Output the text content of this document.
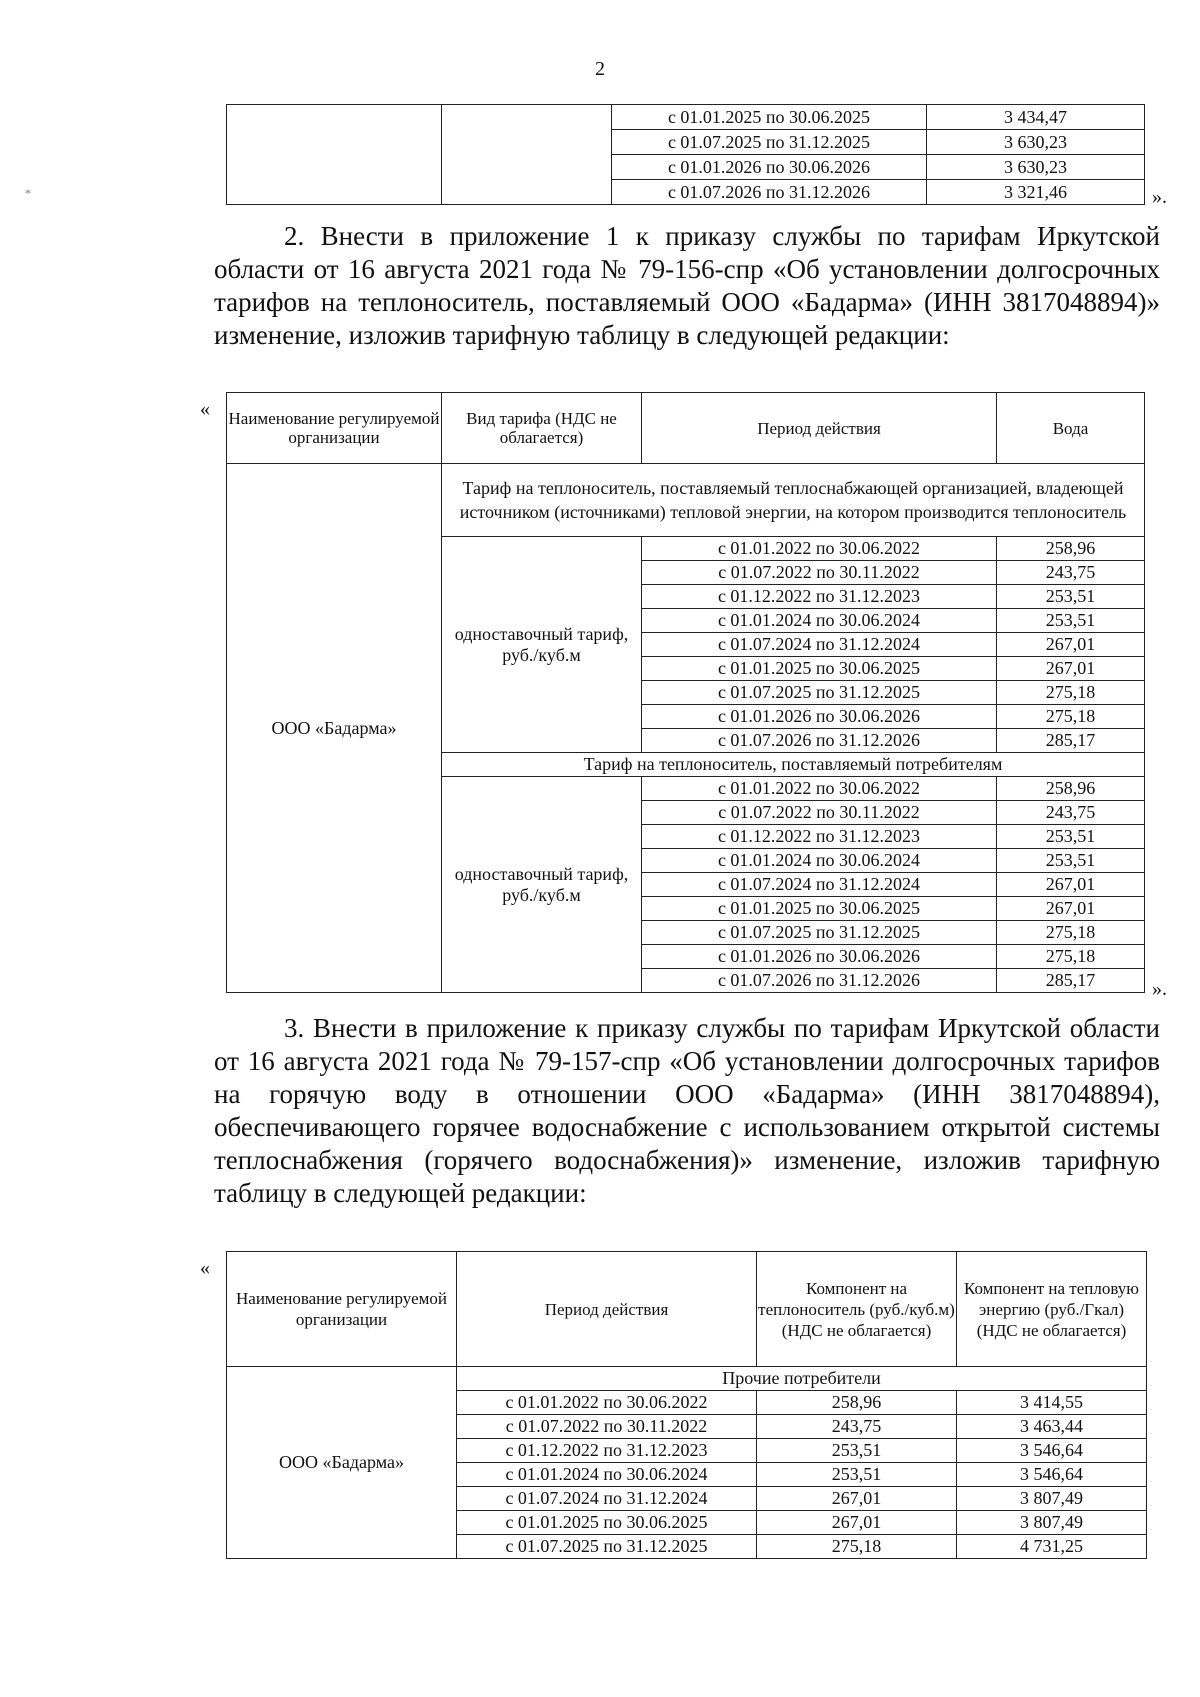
2
		с 01.01.2025 по 30.06.2025	3 434,47
		с 01.07.2025 по 31.12.2025	3 630,23
		с 01.01.2026 по 30.06.2026	3 630,23
		с 01.07.2026 по 31.12.2026	3 321,46	».
*
2. Внести в приложение 1 к приказу службы по тарифам Иркутской области от 16 августа 2021 года № 79-156-спр «Об установлении долгосрочных тарифов на теплоноситель, поставляемый ООО «Бадарма» (ИНН 3817048894)» изменение, изложив тарифную таблицу в следующей редакции:
« Наименование регулируемой организации	Вид тарифа (НДС не облагается)	Период действия	Вода
ООО «Бадарма»	Тариф на теплоноситель, поставляемый теплоснабжающей организацией, владеющей источником (источниками) тепловой энергии, на котором производится теплоноситель		
	одноставочный тариф, руб./куб.м	с 01.01.2022 по 30.06.2022	258,96
		с 01.07.2022 по 30.11.2022	243,75
		с 01.12.2022 по 31.12.2023	253,51
		с 01.01.2024 по 30.06.2024	253,51
		с 01.07.2024 по 31.12.2024	267,01
		с 01.01.2025 по 30.06.2025	267,01
		с 01.07.2025 по 31.12.2025	275,18
		с 01.01.2026 по 30.06.2026	275,18
		с 01.07.2026 по 31.12.2026	285,17
	Тариф на теплоноситель, поставляемый потребителям		
	одноставочный тариф, руб./куб.м	с 01.01.2022 по 30.06.2022	258,96
		с 01.07.2022 по 30.11.2022	243,75
		с 01.12.2022 по 31.12.2023	253,51
		с 01.01.2024 по 30.06.2024	253,51
		с 01.07.2024 по 31.12.2024	267,01
		с 01.01.2025 по 30.06.2025	267,01
		с 01.07.2025 по 31.12.2025	275,18
		с 01.01.2026 по 30.06.2026	275,18
		с 01.07.2026 по 31.12.2026	285,17	».
3. Внести в приложение к приказу службы по тарифам Иркутской области от 16 августа 2021 года № 79-157-спр «Об установлении долгосрочных тарифов на горячую воду в отношении ООО «Бадарма» (ИНН 3817048894), обеспечивающего горячее водоснабжение с использованием открытой системы теплоснабжения (горячего водоснабжения)» изменение, изложив тарифную таблицу в следующей редакции:
«
Наименование регулируемой организации	Период действия	Компонент на теплоноситель (руб./куб.м) (НДС не облагается)	Компонент на тепловую энергию (руб./Гкал) (НДС не облагается)
ООО «Бадарма»	Прочие потребители		
	с 01.01.2022 по 30.06.2022	258,96	3 414,55
	с 01.07.2022 по 30.11.2022	243,75	3 463,44
	с 01.12.2022 по 31.12.2023	253,51	3 546,64
	с 01.01.2024 по 30.06.2024	253,51	3 546,64
	с 01.07.2024 по 31.12.2024	267,01	3 807,49
	с 01.01.2025 по 30.06.2025	267,01	3 807,49
	с 01.07.2025 по 31.12.2025	275,18	4 731,25
